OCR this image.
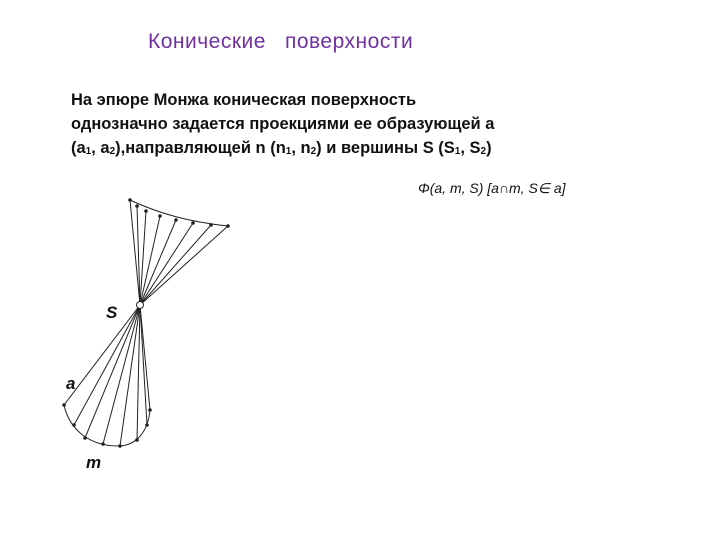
Конические   поверхности
На эпюре Монжа коническая поверхность
однозначно задается проекциями ее образующей a
($a_1$, $a_2),направляющей$ n ($n_1$, $n_2$) и вершины S ($S_1$, $S_2$)
Φ(a, m, S) [a∩m, S∈ a]
S
a
m
